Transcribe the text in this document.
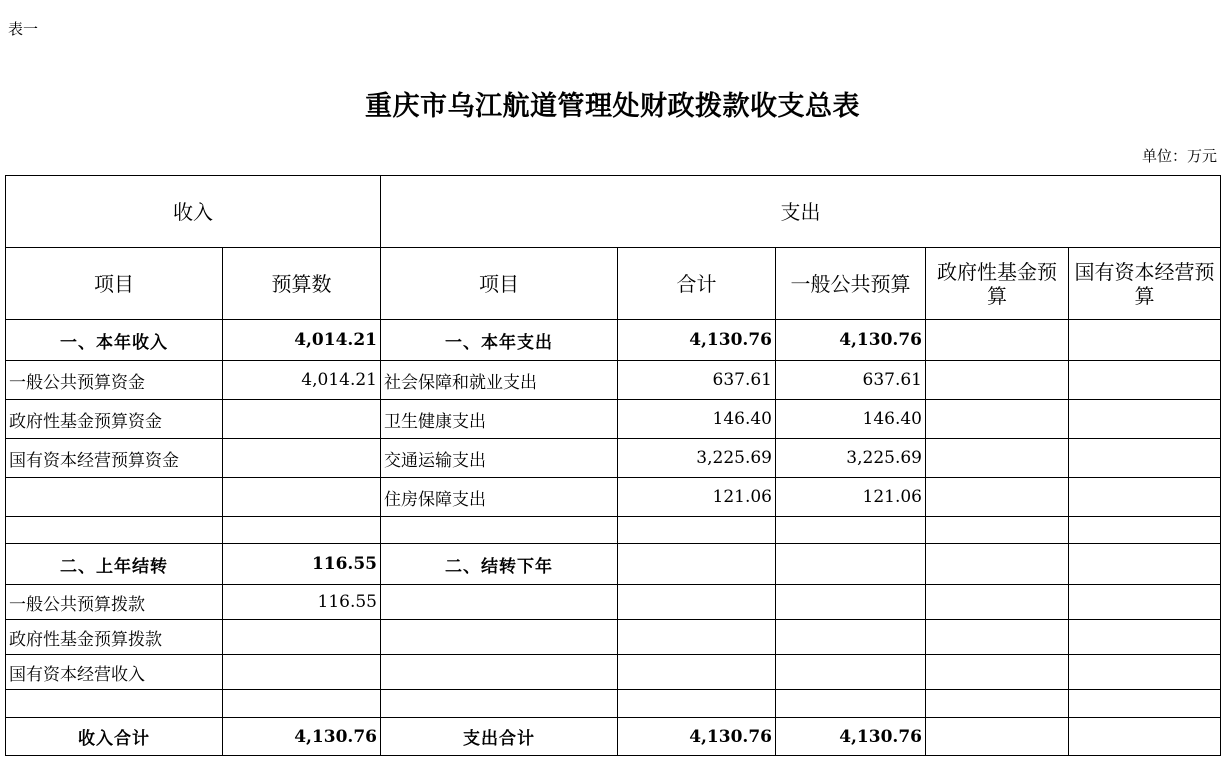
表一
重庆市乌江航道管理处财政拨款收支总表
单位：万元
收入		支出				
项目	预算数	项目	合计	一般公共预算	政府性基金预算	国有资本经营预算
一、本年收入	4,014.21	一、本年支出	4,130.76	4,130.76		
一般公共预算资金	4,014.21	社会保障和就业支出	637.61	637.61		
政府性基金预算资金		卫生健康支出	146.40	146.40		
国有资本经营预算资金		交通运输支出	3,225.69	3,225.69		
		住房保障支出	121.06	121.06		

二、上年结转	116.55	二、结转下年				
一般公共预算拨款	116.55					
政府性基金预算拨款						
国有资本经营收入						

收入合计	4,130.76	支出合计	4,130.76	4,130.76		
